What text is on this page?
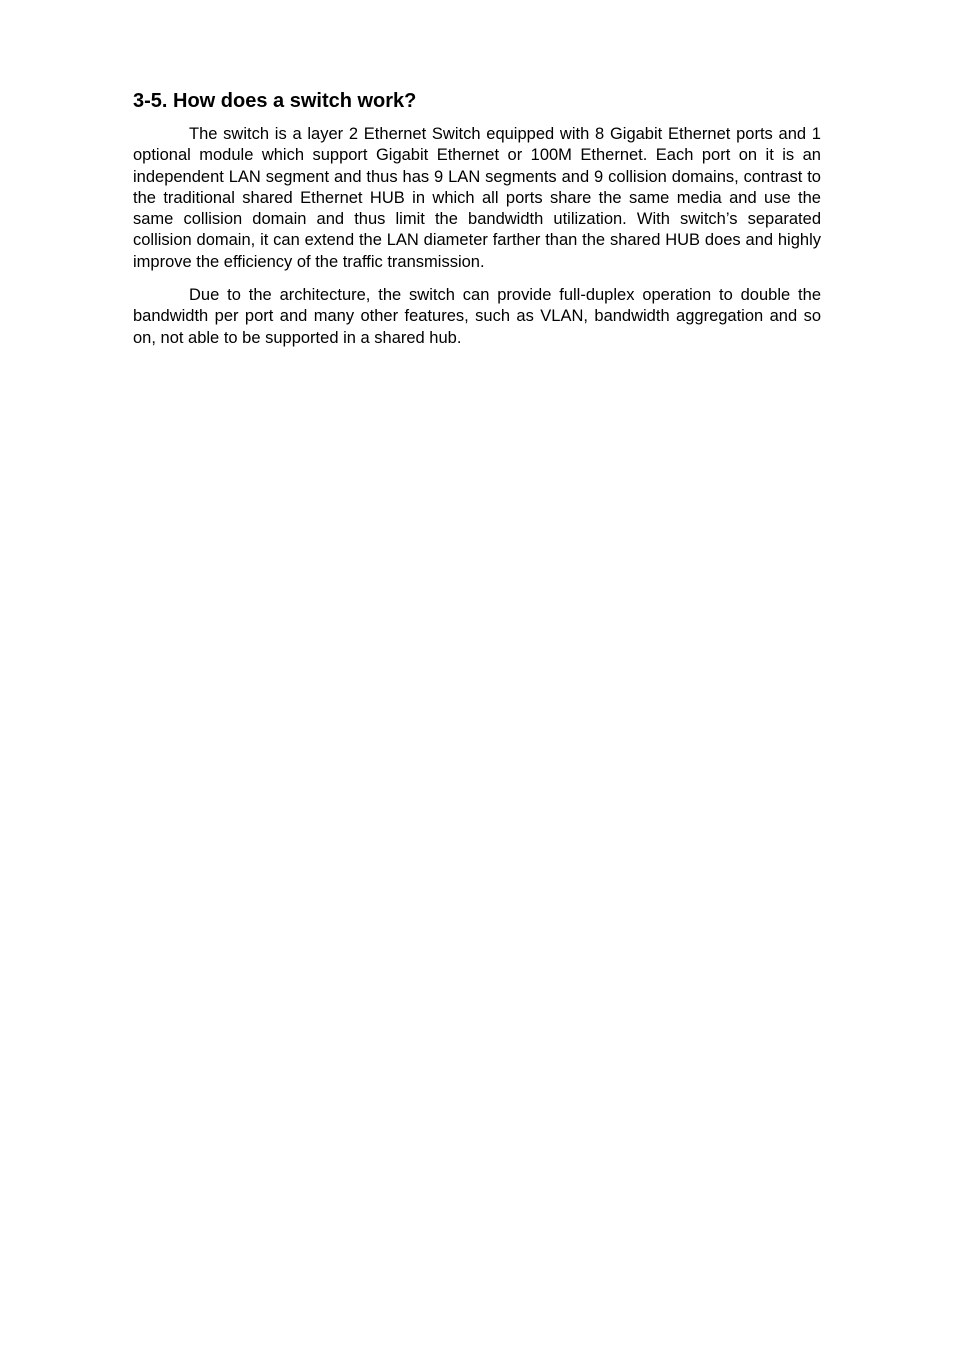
3-5. How does a switch work?

The switch is a layer 2 Ethernet Switch equipped with 8 Gigabit Ethernet ports and 1 optional module which support Gigabit Ethernet or 100M Ethernet. Each port on it is an independent LAN segment and thus has 9 LAN segments and 9 collision domains, contrast to the traditional shared Ethernet HUB in which all ports share the same media and use the same collision domain and thus limit the bandwidth utilization. With switch’s separated collision domain, it can extend the LAN diameter farther than the shared HUB does and highly improve the efficiency of the traffic transmission.

Due to the architecture, the switch can provide full-duplex operation to double the bandwidth per port and many other features, such as VLAN, bandwidth aggregation and so on, not able to be supported in a shared hub.
